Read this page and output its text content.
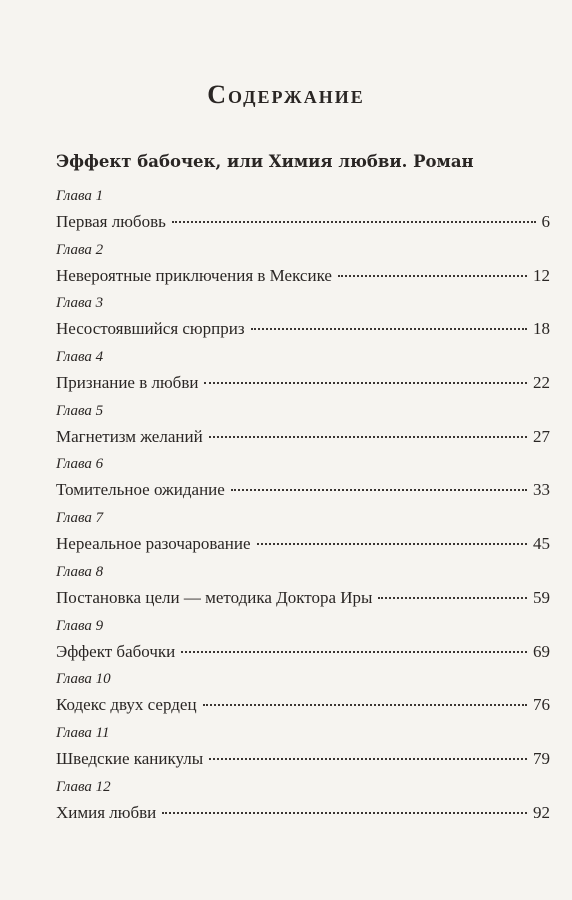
Содержание
Эффект бабочек, или Химия любви. Роман
Глава 1
Первая любовь	6
Глава 2
Невероятные приключения в Мексике	12
Глава 3
Несостоявшийся сюрприз	18
Глава 4
Признание в любви	22
Глава 5
Магнетизм желаний	27
Глава 6
Томительное ожидание	33
Глава 7
Нереальное разочарование	45
Глава 8
Постановка цели — методика Доктора Иры	59
Глава 9
Эффект бабочки	69
Глава 10
Кодекс двух сердец	76
Глава 11
Шведские каникулы	79
Глава 12
Химия любви	92
